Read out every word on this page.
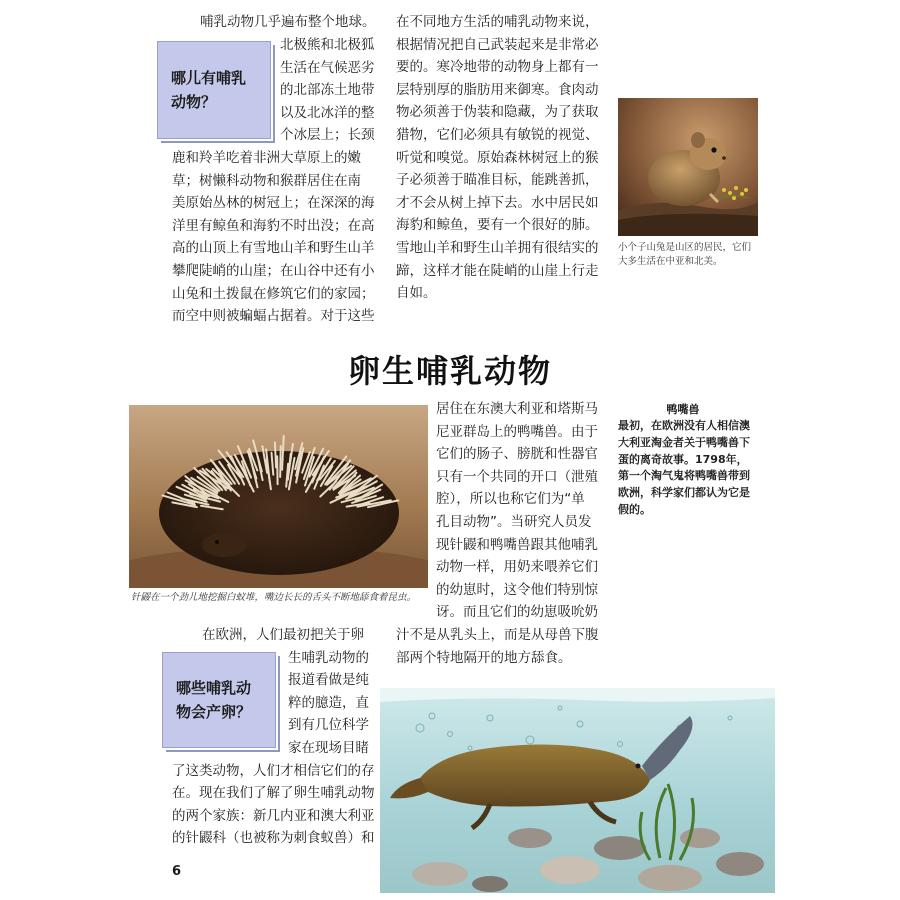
哺乳动物几乎遍布整个地球。

哪儿有哺乳动物？

北极熊和北极狐

生活在气候恶劣

的北部冻土地带

以及北冰洋的整

个冰层上；长颈

鹿和羚羊吃着非洲大草原上的嫩

草；树懒科动物和猴群居住在南

美原始丛林的树冠上；在深深的海

洋里有鲸鱼和海豹不时出没；在高

高的山顶上有雪地山羊和野生山羊

攀爬陡峭的山崖；在山谷中还有小

山兔和土拨鼠在修筑它们的家园；

而空中则被蝙蝠占据着。对于这些

在不同地方生活的哺乳动物来说，

根据情况把自己武装起来是非常必

要的。寒冷地带的动物身上都有一

层特别厚的脂肪用来御寒。食肉动

物必须善于伪装和隐藏，为了获取

猎物，它们必须具有敏锐的视觉、

听觉和嗅觉。原始森林树冠上的猴

子必须善于瞄准目标，能跳善抓，

才不会从树上掉下去。水中居民如

海豹和鲸鱼，要有一个很好的肺。

雪地山羊和野生山羊拥有很结实的

蹄，这样才能在陡峭的山崖上行走

自如。

小个子山兔是山区的居民，它们大多生活在中亚和北美。

卵生哺乳动物

针鼹在一个劲儿地挖掘白蚁堆，嘴边长长的舌头不断地舔食着昆虫。

居住在东澳大利亚和塔斯马

尼亚群岛上的鸭嘴兽。由于

它们的肠子、膀胱和性器官

只有一个共同的开口（泄殖

腔），所以也称它们为“单

孔目动物”。当研究人员发

现针鼹和鸭嘴兽跟其他哺乳

动物一样，用奶来喂养它们

的幼崽时，这令他们特别惊

讶。而且它们的幼崽吸吮奶

汁不是从乳头上，而是从母兽下腹

部两个特地隔开的地方舔食。

鸭嘴兽

最初，在欧洲没有人相信澳大利亚淘金者关于鸭嘴兽下蛋的离奇故事。1798年，第一个淘气鬼将鸭嘴兽带到欧洲，科学家们都认为它是假的。

在欧洲，人们最初把关于卵

哪些哺乳动物会产卵？

生哺乳动物的

报道看做是纯

粹的臆造，直

到有几位科学

家在现场目睹

了这类动物，人们才相信它们的存

在。现在我们了解了卵生哺乳动物

的两个家族：新几内亚和澳大利亚

的针鼹科（也被称为刺食蚁兽）和

6
